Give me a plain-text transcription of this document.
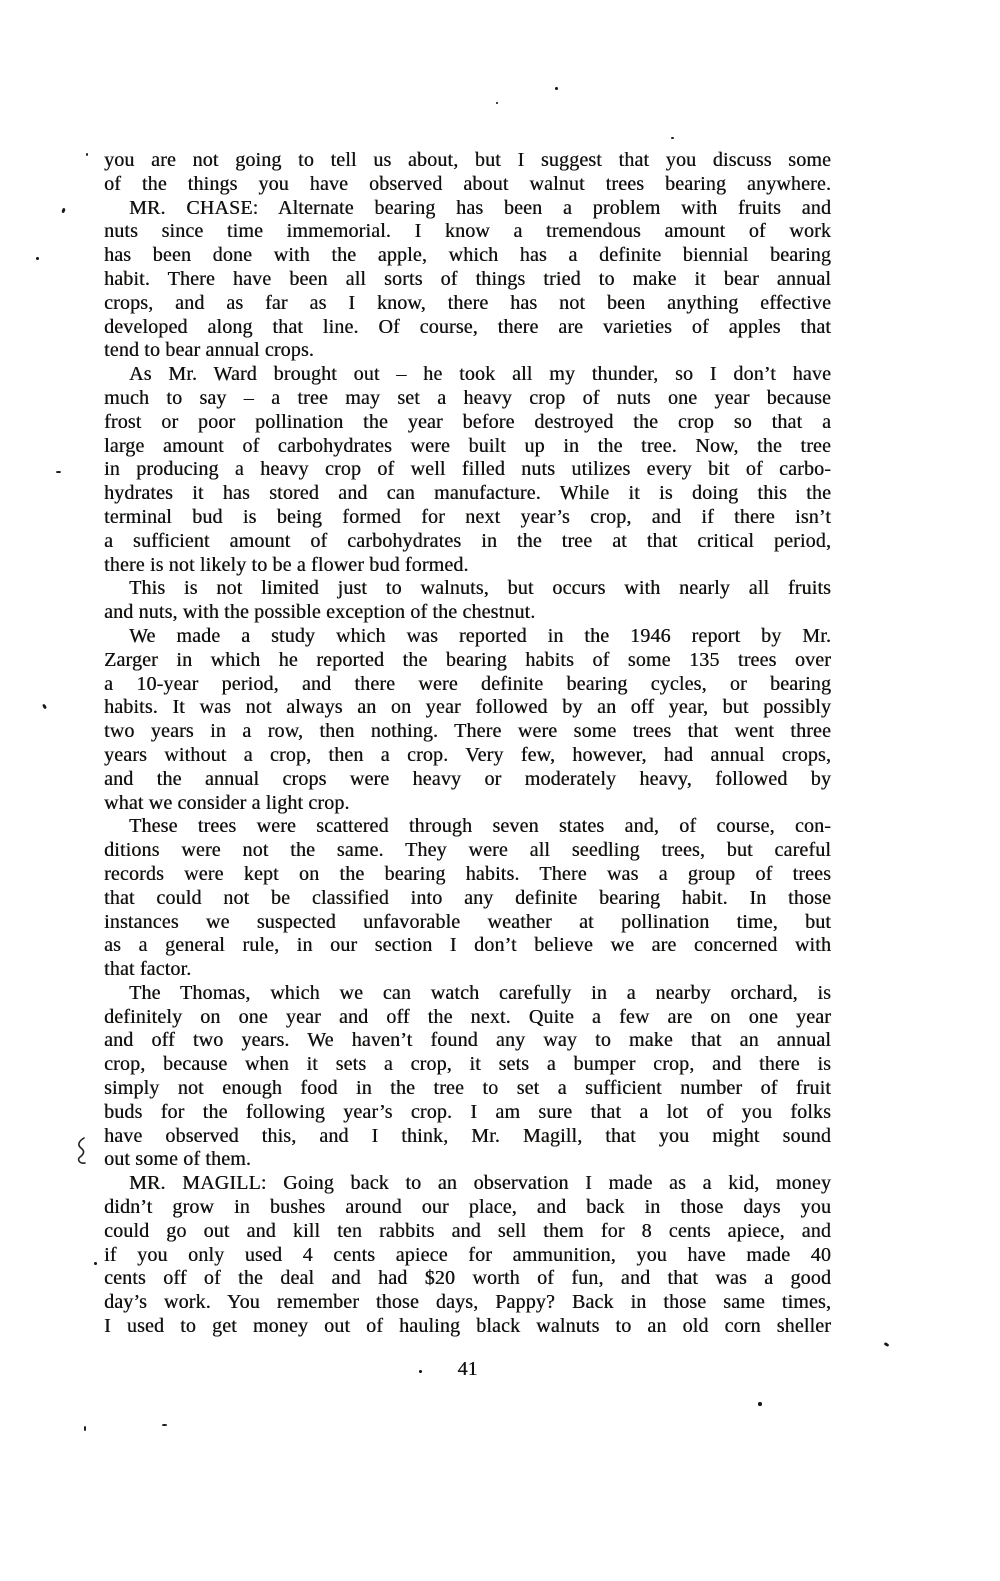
you are not going to tell us about, but I suggest that you discuss some
of the things you have observed about walnut trees bearing anywhere.
MR. CHASE: Alternate bearing has been a problem with fruits and
nuts since time immemorial. I know a tremendous amount of work
has been done with the apple, which has a definite biennial bearing
habit. There have been all sorts of things tried to make it bear annual
crops, and as far as I know, there has not been anything effective
developed along that line. Of course, there are varieties of apples that
tend to bear annual crops.
As Mr. Ward brought out – he took all my thunder, so I don’t have
much to say – a tree may set a heavy crop of nuts one year because
frost or poor pollination the year before destroyed the crop so that a
large amount of carbohydrates were built up in the tree. Now, the tree
in producing a heavy crop of well filled nuts utilizes every bit of carbo-
hydrates it has stored and can manufacture. While it is doing this the
terminal bud is being formed for next year’s crop, and if there isn’t
a sufficient amount of carbohydrates in the tree at that critical period,
there is not likely to be a flower bud formed.
This is not limited just to walnuts, but occurs with nearly all fruits
and nuts, with the possible exception of the chestnut.
We made a study which was reported in the 1946 report by Mr.
Zarger in which he reported the bearing habits of some 135 trees over
a 10-year period, and there were definite bearing cycles, or bearing
habits. It was not always an on year followed by an off year, but possibly
two years in a row, then nothing. There were some trees that went three
years without a crop, then a crop. Very few, however, had annual crops,
and the annual crops were heavy or moderately heavy, followed by
what we consider a light crop.
These trees were scattered through seven states and, of course, con-
ditions were not the same. They were all seedling trees, but careful
records were kept on the bearing habits. There was a group of trees
that could not be classified into any definite bearing habit. In those
instances we suspected unfavorable weather at pollination time, but
as a general rule, in our section I don’t believe we are concerned with
that factor.
The Thomas, which we can watch carefully in a nearby orchard, is
definitely on one year and off the next. Quite a few are on one year
and off two years. We haven’t found any way to make that an annual
crop, because when it sets a crop, it sets a bumper crop, and there is
simply not enough food in the tree to set a sufficient number of fruit
buds for the following year’s crop. I am sure that a lot of you folks
have observed this, and I think, Mr. Magill, that you might sound
out some of them.
MR. MAGILL: Going back to an observation I made as a kid, money
didn’t grow in bushes around our place, and back in those days you
could go out and kill ten rabbits and sell them for 8 cents apiece, and
if you only used 4 cents apiece for ammunition, you have made 40
cents off of the deal and had $20 worth of fun, and that was a good
day’s work. You remember those days, Pappy? Back in those same times,
I used to get money out of hauling black walnuts to an old corn sheller
41
